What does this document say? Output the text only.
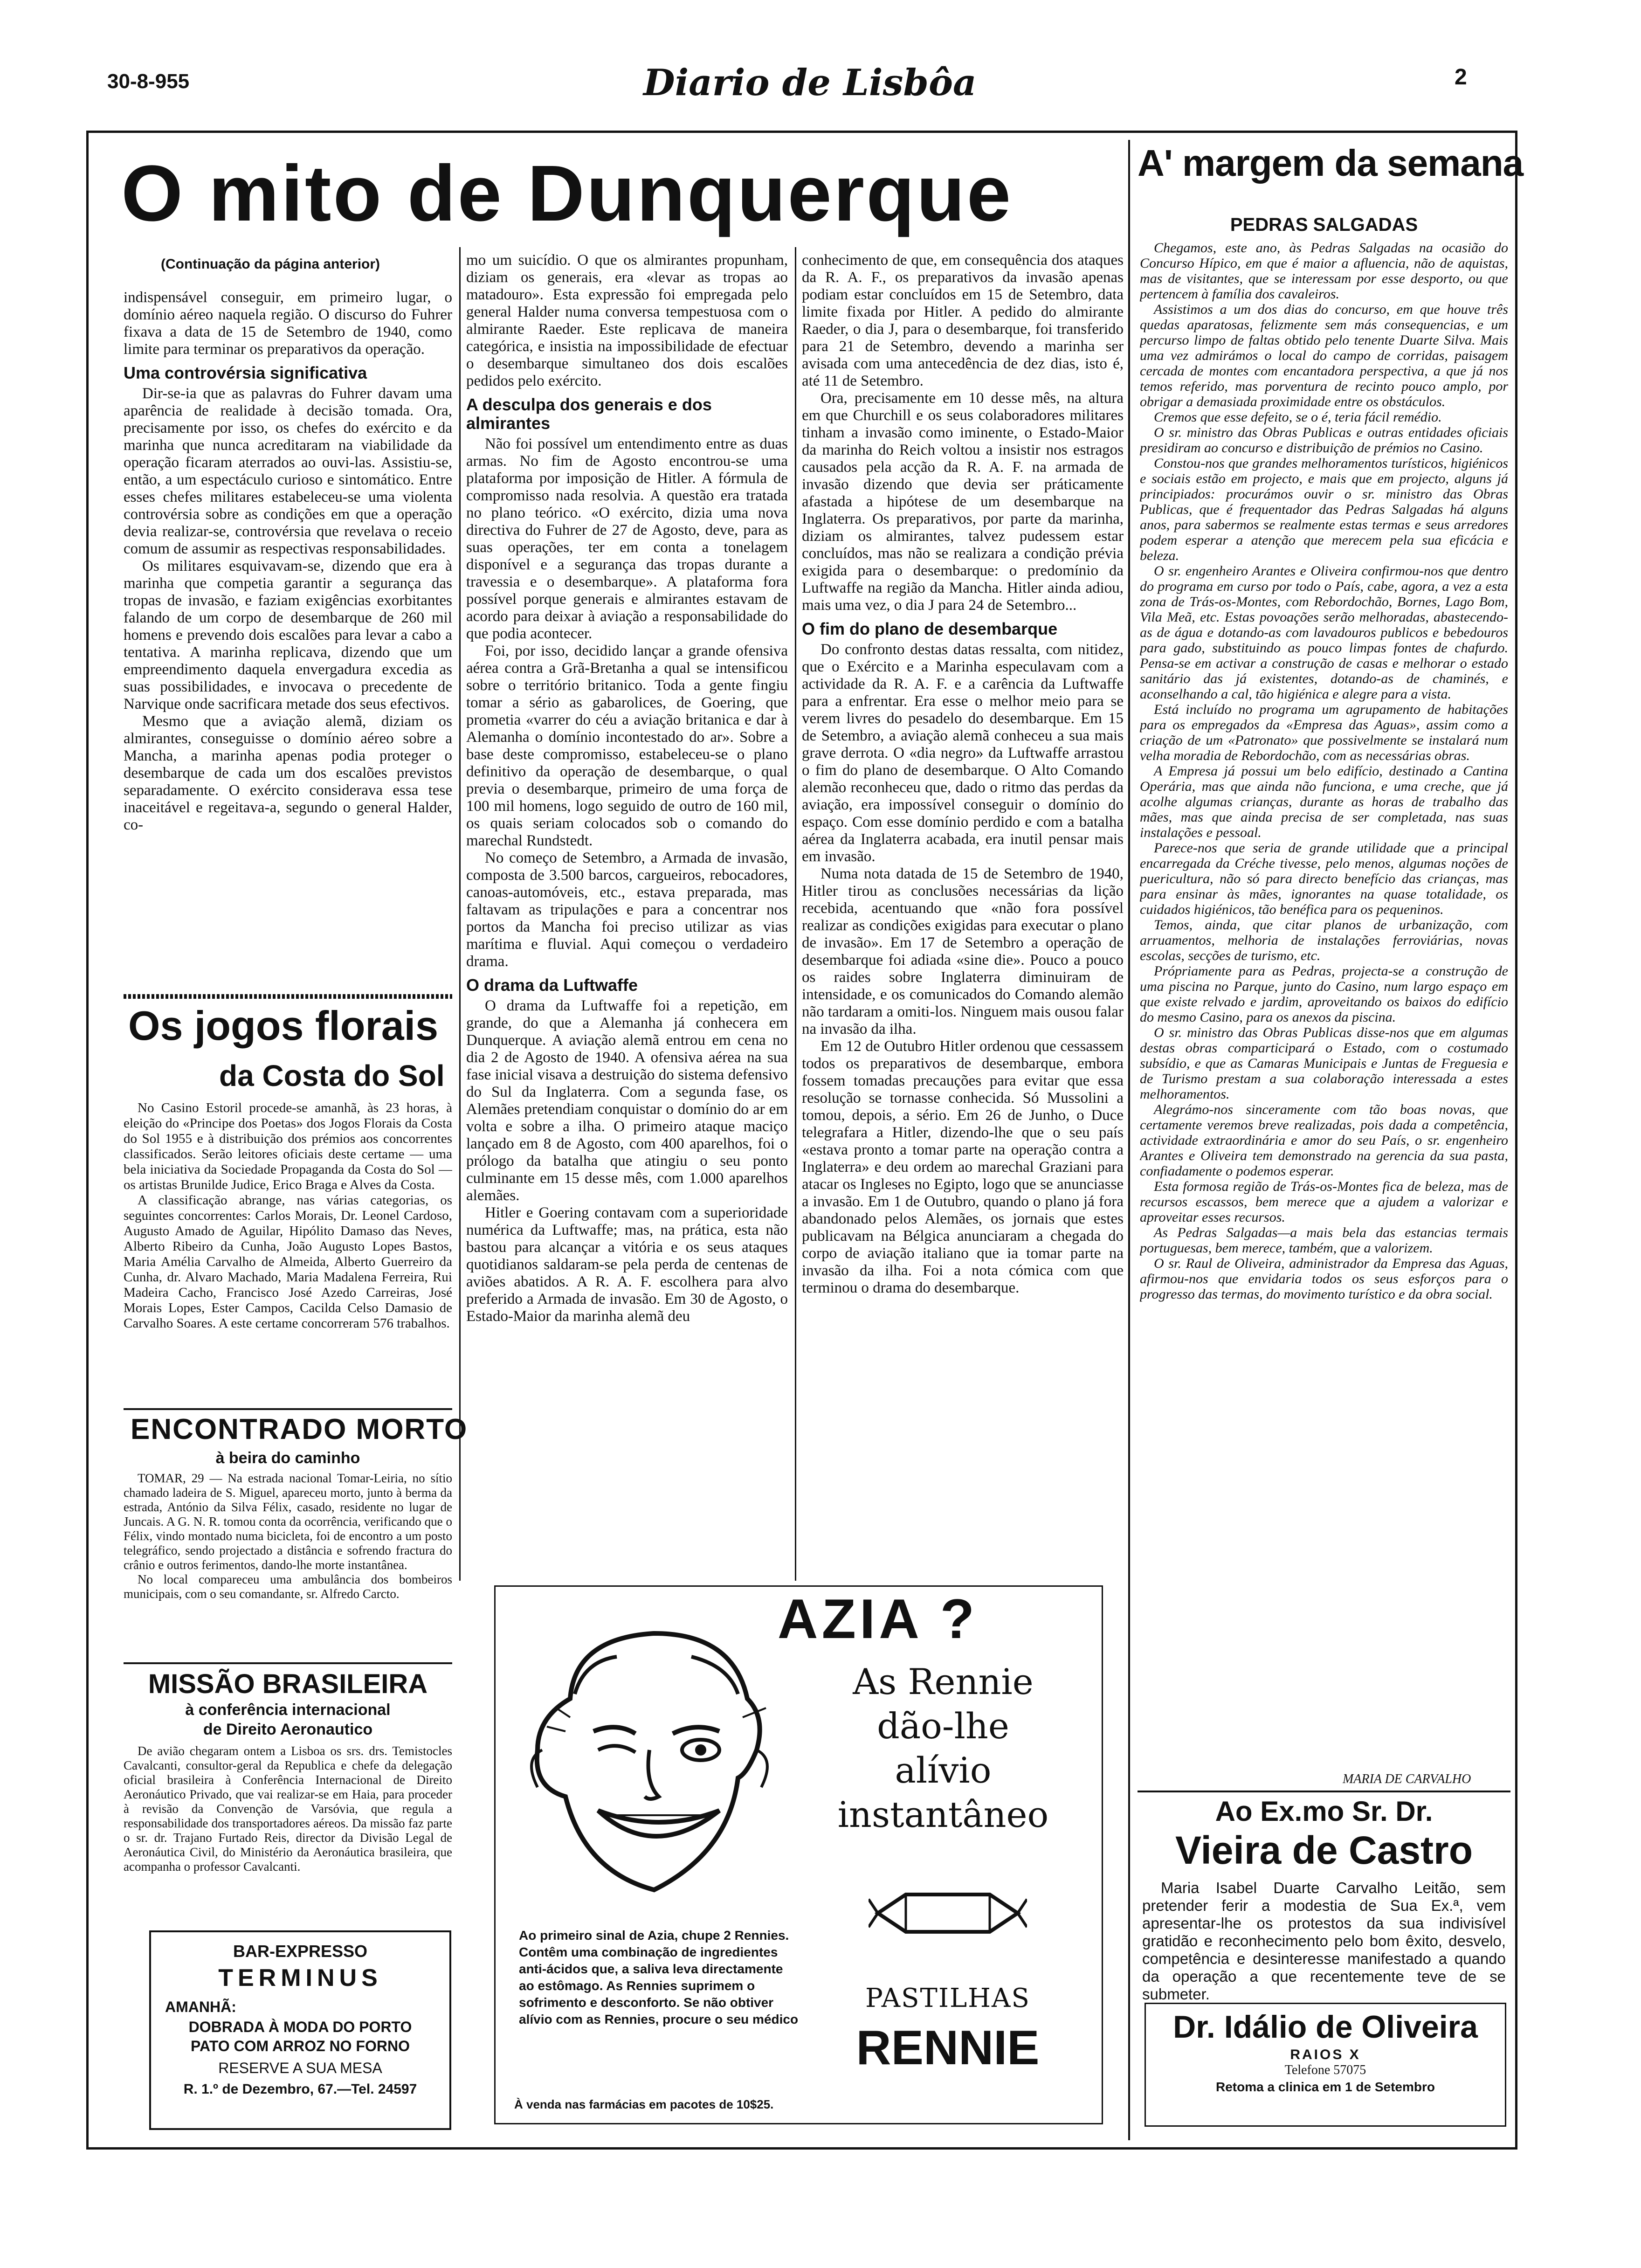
30-8-955	Diario de Lisbôa	2
O mito de Dunquerque
(Continuação da página anterior)

indispensável conseguir, em primeiro lugar, o domínio aéreo naquela região. O discurso do Fuhrer fixava a data de 15 de Setembro de 1940, como limite para terminar os preparativos da operação.

Uma controvérsia significativa

Dir-se-ia que as palavras do Fuhrer davam uma aparência de realidade à decisão tomada. Ora, precisamente por isso, os chefes do exército e da marinha que nunca acreditaram na viabilidade da operação ficaram aterrados ao ouvi-las. Assistiu-se, então, a um espectáculo curioso e sintomático. Entre esses chefes militares estabeleceu-se uma violenta controvérsia sobre as condições em que a operação devia realizar-se, controvérsia que revelava o receio comum de assumir as respectivas responsabilidades.

Os militares esquivavam-se, dizendo que era à marinha que competia garantir a segurança das tropas de invasão, e faziam exigências exorbitantes falando de um corpo de desembarque de 260 mil homens e prevendo dois escalões para levar a cabo a tentativa. A marinha replicava, dizendo que um empreendimento daquela envergadura excedia as suas possibilidades, e invocava o precedente de Narvique onde sacrificara metade dos seus efectivos.

Mesmo que a aviação alemã, diziam os almirantes, conseguisse o domínio aéreo sobre a Mancha, a marinha apenas podia proteger o desembarque de cada um dos escalões previstos separadamente. O exército considerava essa tese inaceitável e regeitava-a, segundo o general Halder, co-

Os jogos florais
da Costa do Sol

No Casino Estoril procede-se amanhã, às 23 horas, à eleição do «Principe dos Poetas» dos Jogos Florais da Costa do Sol 1955 e à distribuição dos prémios aos concorrentes classificados. Serão leitores oficiais deste certame — uma bela iniciativa da Sociedade Propaganda da Costa do Sol — os artistas Brunilde Judice, Erico Braga e Alves da Costa.

A classificação abrange, nas várias categorias, os seguintes concorrentes: Carlos Morais, Dr. Leonel Cardoso, Augusto Amado de Aguilar, Hipólito Damaso das Neves, Alberto Ribeiro da Cunha, João Augusto Lopes Bastos, Maria Amélia Carvalho de Almeida, Alberto Guerreiro da Cunha, dr. Alvaro Machado, Maria Madalena Ferreira, Rui Madeira Cacho, Francisco José Azedo Carreiras, José Morais Lopes, Ester Campos, Cacilda Celso Damasio de Carvalho Soares. A este certame concorreram 576 trabalhos.

ENCONTRADO MORTO
à beira do caminho

TOMAR, 29 — Na estrada nacional Tomar-Leiria, no sítio chamado ladeira de S. Miguel, apareceu morto, junto à berma da estrada, António da Silva Félix, casado, residente no lugar de Juncais. A G. N. R. tomou conta da ocorrência, verificando que o Félix, vindo montado numa bicicleta, foi de encontro a um posto telegráfico, sendo projectado a distância e sofrendo fractura do crânio e outros ferimentos, dando-lhe morte instantânea.

No local compareceu uma ambulância dos bombeiros municipais, com o seu comandante, sr. Alfredo Carcto.

MISSÃO BRASILEIRA
à conferência internacional
de Direito Aeronautico

De avião chegaram ontem a Lisboa os srs. drs. Temistocles Cavalcanti, consultor-geral da Republica e chefe da delegação oficial brasileira à Conferência Internacional de Direito Aeronáutico Privado, que vai realizar-se em Haia, para proceder à revisão da Convenção de Varsóvia, que regula a responsabilidade dos transportadores aéreos. Da missão faz parte o sr. dr. Trajano Furtado Reis, director da Divisão Legal de Aeronáutica Civil, do Ministério da Aeronáutica brasileira, que acompanha o professor Cavalcanti.

BAR-EXPRESSO
TERMINUS
AMANHÃ:
DOBRADA À MODA DO PORTO
PATO COM ARROZ NO FORNO
RESERVE A SUA MESA
R. 1.º de Dezembro, 67.—Tel. 24597

mo um suicídio. O que os almirantes propunham, diziam os generais, era «levar as tropas ao matadouro». Esta expressão foi empregada pelo general Halder numa conversa tempestuosa com o almirante Raeder. Este replicava de maneira categórica, e insistia na impossibilidade de efectuar o desembarque simultaneo dos dois escalões pedidos pelo exército.

A desculpa dos generais e dos almirantes

Não foi possível um entendimento entre as duas armas. No fim de Agosto encontrou-se uma plataforma por imposição de Hitler. A fórmula de compromisso nada resolvia. A questão era tratada no plano teórico. «O exército, dizia uma nova directiva do Fuhrer de 27 de Agosto, deve, para as suas operações, ter em conta a tonelagem disponível e a segurança das tropas durante a travessia e o desembarque». A plataforma fora possível porque generais e almirantes estavam de acordo para deixar à aviação a responsabilidade do que podia acontecer.

Foi, por isso, decidido lançar a grande ofensiva aérea contra a Grã-Bretanha a qual se intensificou sobre o território britanico. Toda a gente fingiu tomar a sério as gabarolices, de Goering, que prometia «varrer do céu a aviação britanica e dar à Alemanha o domínio incontestado do ar». Sobre a base deste compromisso, estabeleceu-se o plano definitivo da operação de desembarque, o qual previa o desembarque, primeiro de uma força de 100 mil homens, logo seguido de outro de 160 mil, os quais seriam colocados sob o comando do marechal Rundstedt.

No começo de Setembro, a Armada de invasão, composta de 3.500 barcos, cargueiros, rebocadores, canoas-automóveis, etc., estava preparada, mas faltavam as tripulações e para a concentrar nos portos da Mancha foi preciso utilizar as vias marítima e fluvial. Aqui começou o verdadeiro drama.

O drama da Luftwaffe

O drama da Luftwaffe foi a repetição, em grande, do que a Alemanha já conhecera em Dunquerque. A aviação alemã entrou em cena no dia 2 de Agosto de 1940. A ofensiva aérea na sua fase inicial visava a destruição do sistema defensivo do Sul da Inglaterra. Com a segunda fase, os Alemães pretendiam conquistar o domínio do ar em volta e sobre a ilha. O primeiro ataque maciço lançado em 8 de Agosto, com 400 aparelhos, foi o prólogo da batalha que atingiu o seu ponto culminante em 15 desse mês, com 1.000 aparelhos alemães.

Hitler e Goering contavam com a superioridade numérica da Luftwaffe; mas, na prática, esta não bastou para alcançar a vitória e os seus ataques quotidianos saldaram-se pela perda de centenas de aviões abatidos. A R. A. F. escolhera para alvo preferido a Armada de invasão. Em 30 de Agosto, o Estado-Maior da marinha alemã deu

conhecimento de que, em consequência dos ataques da R. A. F., os preparativos da invasão apenas podiam estar concluídos em 15 de Setembro, data limite fixada por Hitler. A pedido do almirante Raeder, o dia J, para o desembarque, foi transferido para 21 de Setembro, devendo a marinha ser avisada com uma antecedência de dez dias, isto é, até 11 de Setembro.

Ora, precisamente em 10 desse mês, na altura em que Churchill e os seus colaboradores militares tinham a invasão como iminente, o Estado-Maior da marinha do Reich voltou a insistir nos estragos causados pela acção da R. A. F. na armada de invasão dizendo que devia ser práticamente afastada a hipótese de um desembarque na Inglaterra. Os preparativos, por parte da marinha, diziam os almirantes, talvez pudessem estar concluídos, mas não se realizara a condição prévia exigida para o desembarque: o predomínio da Luftwaffe na região da Mancha. Hitler ainda adiou, mais uma vez, o dia J para 24 de Setembro...

O fim do plano de desembarque

Do confronto destas datas ressalta, com nitidez, que o Exército e a Marinha especulavam com a actividade da R. A. F. e a carência da Luftwaffe para a enfrentar. Era esse o melhor meio para se verem livres do pesadelo do desembarque. Em 15 de Setembro, a aviação alemã conheceu a sua mais grave derrota. O «dia negro» da Luftwaffe arrastou o fim do plano de desembarque. O Alto Comando alemão reconheceu que, dado o ritmo das perdas da aviação, era impossível conseguir o domínio do espaço. Com esse domínio perdido e com a batalha aérea da Inglaterra acabada, era inutil pensar mais em invasão.

Numa nota datada de 15 de Setembro de 1940, Hitler tirou as conclusões necessárias da lição recebida, acentuando que «não fora possível realizar as condições exigidas para executar o plano de invasão». Em 17 de Setembro a operação de desembarque foi adiada «sine die». Pouco a pouco os raides sobre Inglaterra diminuiram de intensidade, e os comunicados do Comando alemão não tardaram a omiti-los. Ninguem mais ousou falar na invasão da ilha.

Em 12 de Outubro Hitler ordenou que cessassem todos os preparativos de desembarque, embora fossem tomadas precauções para evitar que essa resolução se tornasse conhecida. Só Mussolini a tomou, depois, a sério. Em 26 de Junho, o Duce telegrafara a Hitler, dizendo-lhe que o seu país «estava pronto a tomar parte na operação contra a Inglaterra» e deu ordem ao marechal Graziani para atacar os Ingleses no Egipto, logo que se anunciasse a invasão. Em 1 de Outubro, quando o plano já fora abandonado pelos Alemães, os jornais que estes publicavam na Bélgica anunciaram a chegada do corpo de aviação italiano que ia tomar parte na invasão da ilha. Foi a nota cómica com que terminou o drama do desembarque.

AZIA ?
As Rennie
dão-lhe
alívio
instantâneo

Ao primeiro sinal de Azia, chupe 2 Rennies. Contêm uma combinação de ingredientes anti-ácidos que, a saliva leva directamente ao estômago. As Rennies suprimem o sofrimento e desconforto. Se não obtiver alívio com as Rennies, procure o seu médico

À venda nas farmácias em pacotes de 10$25.
PASTILHAS
RENNIE
A' margem da semana
PEDRAS SALGADAS

Chegamos, este ano, às Pedras Salgadas na ocasião do Concurso Hípico, em que é maior a afluencia, não de aquistas, mas de visitantes, que se interessam por esse desporto, ou que pertencem à família dos cavaleiros.

Assistimos a um dos dias do concurso, em que houve três quedas aparatosas, felizmente sem más consequencias, e um percurso limpo de faltas obtido pelo tenente Duarte Silva. Mais uma vez admirámos o local do campo de corridas, paisagem cercada de montes com encantadora perspectiva, a que já nos temos referido, mas porventura de recinto pouco amplo, por obrigar a demasiada proximidade entre os obstáculos.

Cremos que esse defeito, se o é, teria fácil remédio.

O sr. ministro das Obras Publicas e outras entidades oficiais presidiram ao concurso e distribuição de prémios no Casino.

Constou-nos que grandes melhoramentos turísticos, higiénicos e sociais estão em projecto, e mais que em projecto, alguns já principiados: procurámos ouvir o sr. ministro das Obras Publicas, que é frequentador das Pedras Salgadas há alguns anos, para sabermos se realmente estas termas e seus arredores podem esperar a atenção que merecem pela sua eficácia e beleza.

O sr. engenheiro Arantes e Oliveira confirmou-nos que dentro do programa em curso por todo o País, cabe, agora, a vez a esta zona de Trás-os-Montes, com Rebordochão, Bornes, Lago Bom, Vila Meã, etc. Estas povoações serão melhoradas, abastecendo-as de água e dotando-as com lavadouros publicos e bebedouros para gado, substituindo as pouco limpas fontes de chafurdo. Pensa-se em activar a construção de casas e melhorar o estado sanitário das já existentes, dotando-as de chaminés, e aconselhando a cal, tão higiénica e alegre para a vista.

Está incluído no programa um agrupamento de habitações para os empregados da «Empresa das Aguas», assim como a criação de um «Patronato» que possivelmente se instalará num velha moradia de Rebordochão, com as necessárias obras.

A Empresa já possui um belo edifício, destinado a Cantina Operária, mas que ainda não funciona, e uma creche, que já acolhe algumas crianças, durante as horas de trabalho das mães, mas que ainda precisa de ser completada, nas suas instalações e pessoal.

Parece-nos que seria de grande utilidade que a principal encarregada da Créche tivesse, pelo menos, algumas noções de puericultura, não só para directo benefício das crianças, mas para ensinar às mães, ignorantes na quase totalidade, os cuidados higiénicos, tão benéfica para os pequeninos.

Temos, ainda, que citar planos de urbanização, com arruamentos, melhoria de instalações ferroviárias, novas escolas, secções de turismo, etc.

Própriamente para as Pedras, projecta-se a construção de uma piscina no Parque, junto do Casino, num largo espaço em que existe relvado e jardim, aproveitando os baixos do edifício do mesmo Casino, para os anexos da piscina.

O sr. ministro das Obras Publicas disse-nos que em algumas destas obras comparticipará o Estado, com o costumado subsídio, e que as Camaras Municipais e Juntas de Freguesia e de Turismo prestam a sua colaboração interessada a estes melhoramentos.

Alegrámo-nos sinceramente com tão boas novas, que certamente veremos breve realizadas, pois dada a competência, actividade extraordinária e amor do seu País, o sr. engenheiro Arantes e Oliveira tem demonstrado na gerencia da sua pasta, confiadamente o podemos esperar.

Esta formosa região de Trás-os-Montes fica de beleza, mas de recursos escassos, bem merece que a ajudem a valorizar e aproveitar esses recursos.

As Pedras Salgadas—a mais bela das estancias termais portuguesas, bem merece, também, que a valorizem.

O sr. Raul de Oliveira, administrador da Empresa das Aguas, afirmou-nos que envidaria todos os seus esforços para o progresso das termas, do movimento turístico e da obra social.

MARIA DE CARVALHO
Ao Ex.mo Sr. Dr.
Vieira de Castro

Maria Isabel Duarte Carvalho Leitão, sem pretender ferir a modestia de Sua Ex.ª, vem apresentar-lhe os protestos da sua indivisível gratidão e reconhecimento pelo bom êxito, desvelo, competência e desinteresse manifestado a quando da operação a que recentemente teve de se submeter.

Dr. Idálio de Oliveira
RAIOS X
Telefone 57075
Retoma a clinica em 1 de Setembro
